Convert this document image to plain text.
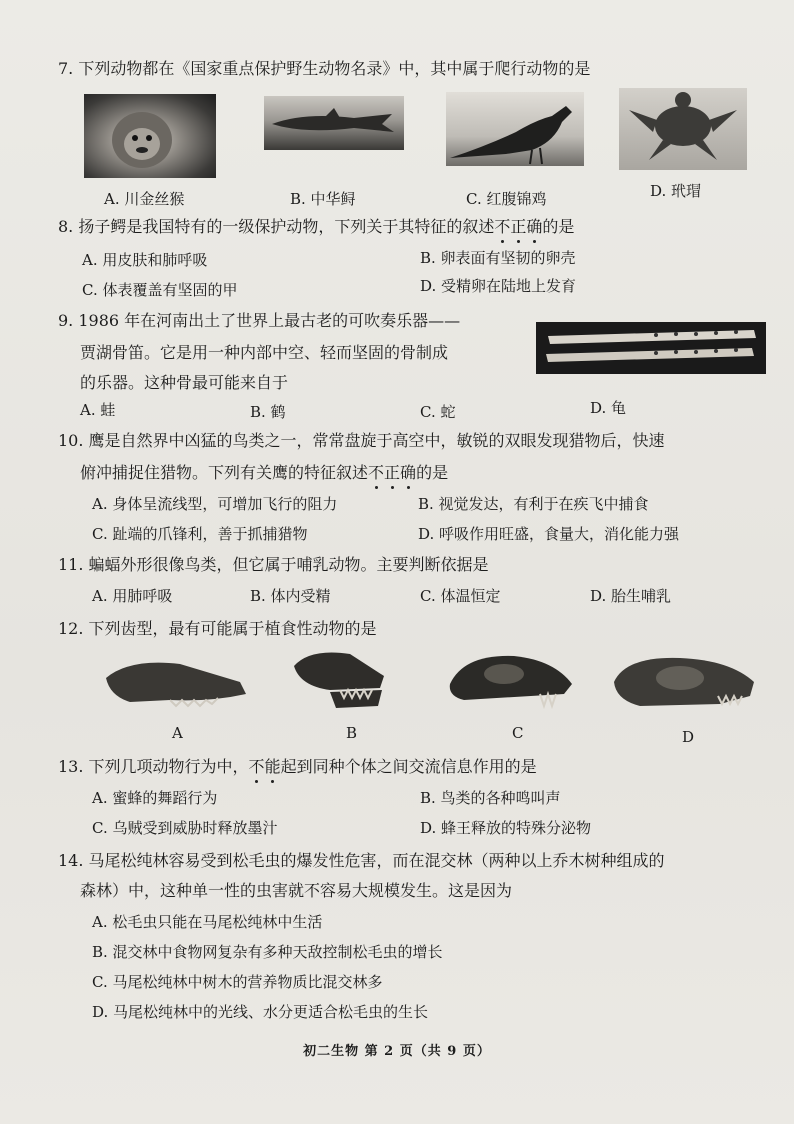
7. 下列动物都在《国家重点保护野生动物名录》中，其中属于爬行动物的是
A. 川金丝猴	B. 中华鲟	C. 红腹锦鸡	D. 玳瑁
8. 扬子鳄是我国特有的一级保护动物，下列关于其特征的叙述不正确的是
A. 用皮肤和肺呼吸	B. 卵表面有坚韧的卵壳
C. 体表覆盖有坚固的甲	D. 受精卵在陆地上发育
9. 1986 年在河南出土了世界上最古老的可吹奏乐器——
贾湖骨笛。它是用一种内部中空、轻而坚固的骨制成
的乐器。这种骨最可能来自于
A. 蛙	B. 鹤	C. 蛇	D. 龟
10. 鹰是自然界中凶猛的鸟类之一，常常盘旋于高空中，敏锐的双眼发现猎物后，快速
俯冲捕捉住猎物。下列有关鹰的特征叙述不正确的是
A. 身体呈流线型，可增加飞行的阻力	B. 视觉发达，有利于在疾飞中捕食
C. 趾端的爪锋利，善于抓捕猎物	D. 呼吸作用旺盛，食量大，消化能力强
11. 蝙蝠外形很像鸟类，但它属于哺乳动物。主要判断依据是
A. 用肺呼吸	B. 体内受精	C. 体温恒定	D. 胎生哺乳
12. 下列齿型，最有可能属于植食性动物的是
A	B	C	D
13. 下列几项动物行为中，不能起到同种个体之间交流信息作用的是
A. 蜜蜂的舞蹈行为	B. 鸟类的各种鸣叫声
C. 乌贼受到威胁时释放墨汁	D. 蜂王释放的特殊分泌物
14. 马尾松纯林容易受到松毛虫的爆发性危害，而在混交林（两种以上乔木树种组成的
森林）中，这种单一性的虫害就不容易大规模发生。这是因为
A. 松毛虫只能在马尾松纯林中生活
B. 混交林中食物网复杂有多种天敌控制松毛虫的增长
C. 马尾松纯林中树木的营养物质比混交林多
D. 马尾松纯林中的光线、水分更适合松毛虫的生长
初二生物 第 2 页（共 9 页）
